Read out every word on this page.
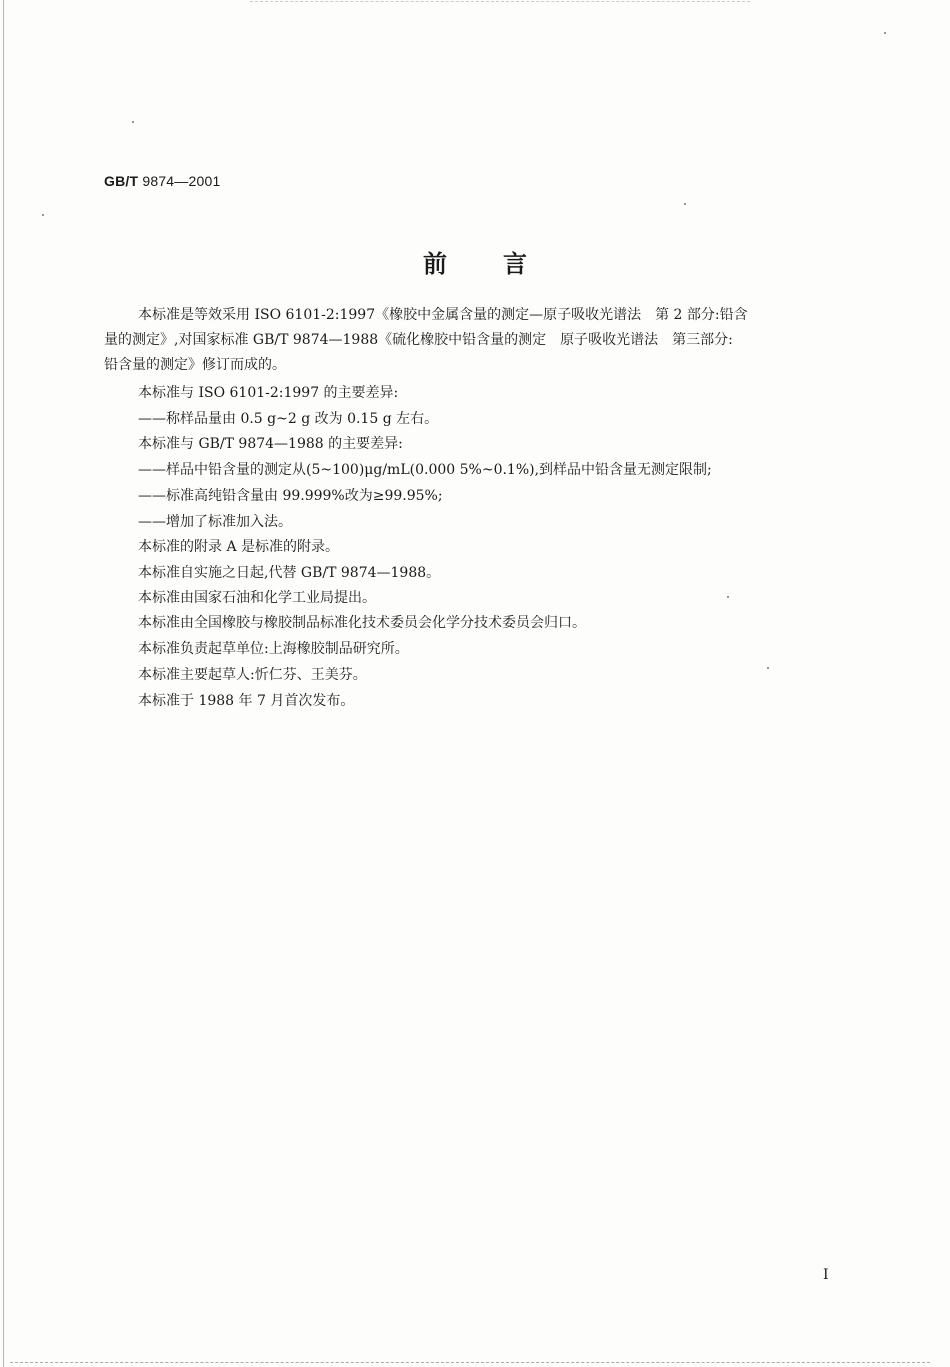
GB/T 9874—2001
前 言
本标准是等效采用 ISO 6101-2:1997《橡胶中金属含量的测定—原子吸收光谱法　第 2 部分:铅含
量的测定》,对国家标准 GB/T 9874—1988《硫化橡胶中铅含量的测定　原子吸收光谱法　第三部分:
铅含量的测定》修订而成的。
本标准与 ISO 6101-2:1997 的主要差异:
——称样品量由 0.5 g~2 g 改为 0.15 g 左右。
本标准与 GB/T 9874—1988 的主要差异:
——样品中铅含量的测定从(5~100)μg/mL(0.000 5%~0.1%),到样品中铅含量无测定限制;
——标准高纯铅含量由 99.999%改为≥99.95%;
——增加了标准加入法。
本标准的附录 A 是标准的附录。
本标准自实施之日起,代替 GB/T 9874—1988。
本标准由国家石油和化学工业局提出。
本标准由全国橡胶与橡胶制品标准化技术委员会化学分技术委员会归口。
本标准负责起草单位:上海橡胶制品研究所。
本标准主要起草人:忻仁芬、王美芬。
本标准于 1988 年 7 月首次发布。
I
